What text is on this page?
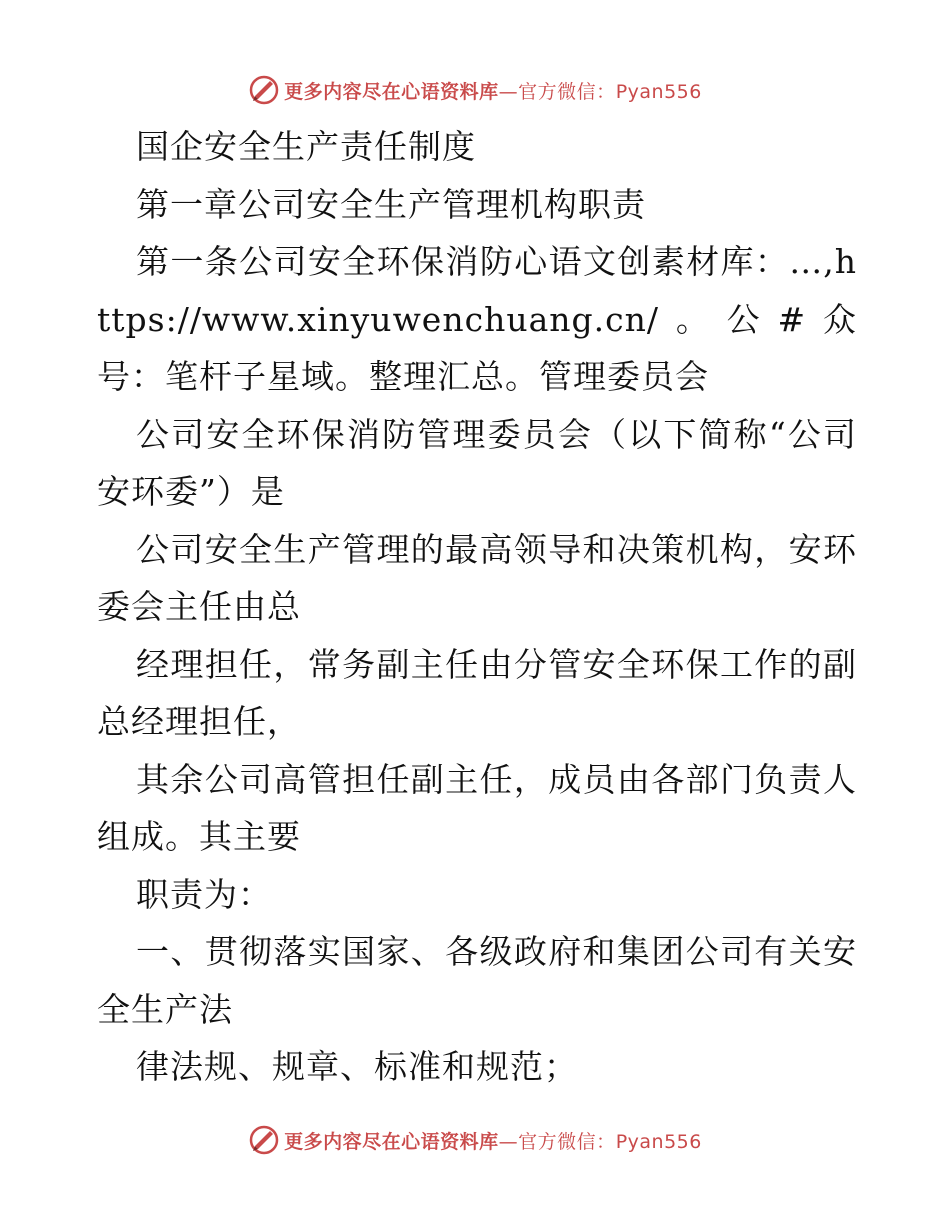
更多内容尽在心语资料库—官方微信：Pyan556

国企安全生产责任制度

第一章公司安全生产管理机构职责

第一条公司安全环保消防心语文创素材库：…,https://www.xinyuwenchuang.cn/。公#众号：笔杆子星域。整理汇总。管理委员会

公司安全环保消防管理委员会（以下简称“公司安环委”）是

公司安全生产管理的最高领导和决策机构，安环委会主任由总

经理担任，常务副主任由分管安全环保工作的副总经理担任，

其余公司高管担任副主任，成员由各部门负责人组成。其主要

职责为：

一、贯彻落实国家、各级政府和集团公司有关安全生产法

律法规、规章、标准和规范；

更多内容尽在心语资料库—官方微信：Pyan556
